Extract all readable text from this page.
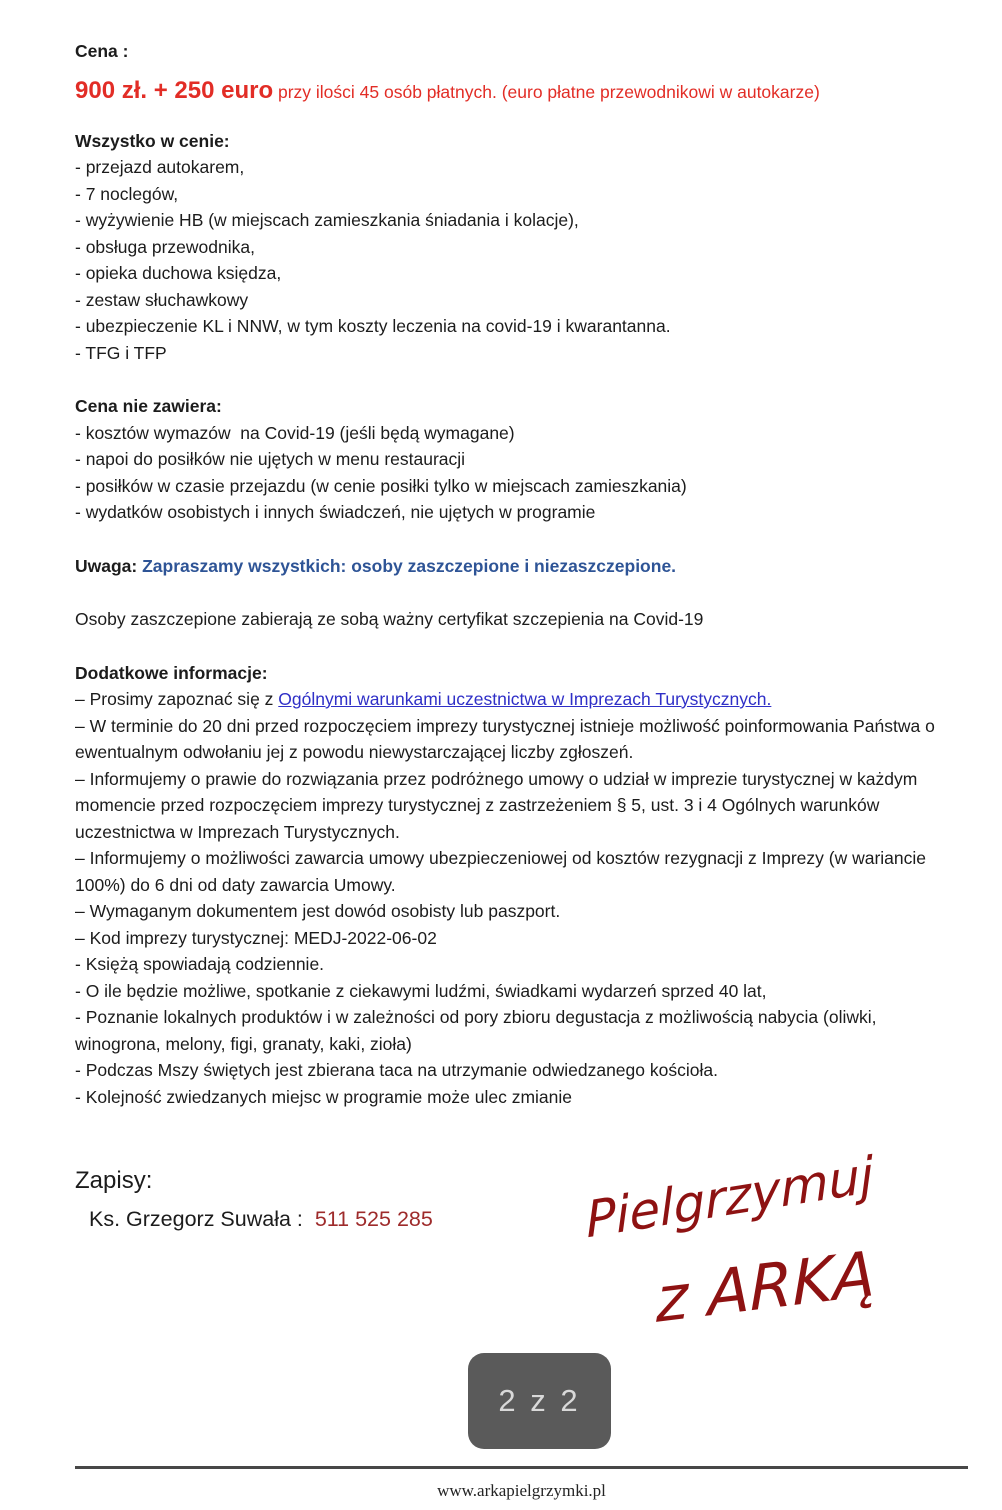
Cena :

900 zł. + 250 euro przy ilości 45 osób płatnych. (euro płatne przewodnikowi w autokarze)

Wszystko w cenie:

- przejazd autokarem,

- 7 noclegów,

- wyżywienie HB (w miejscach zamieszkania śniadania i kolacje),

- obsługa przewodnika,

- opieka duchowa księdza,

- zestaw słuchawkowy

- ubezpieczenie KL i NNW, w tym koszty leczenia na covid-19 i kwarantanna.

- TFG i TFP

Cena nie zawiera:

- kosztów wymazów  na Covid-19 (jeśli będą wymagane)

- napoi do posiłków nie ujętych w menu restauracji

- posiłków w czasie przejazdu (w cenie posiłki tylko w miejscach zamieszkania)

- wydatków osobistych i innych świadczeń, nie ujętych w programie

Uwaga: Zapraszamy wszystkich: osoby zaszczepione i niezaszczepione.

Osoby zaszczepione zabierają ze sobą ważny certyfikat szczepienia na Covid-19

Dodatkowe informacje:

– Prosimy zapoznać się z Ogólnymi warunkami uczestnictwa w Imprezach Turystycznych.

– W terminie do 20 dni przed rozpoczęciem imprezy turystycznej istnieje możliwość poinformowania Państwa o ewentualnym odwołaniu jej z powodu niewystarczającej liczby zgłoszeń.

– Informujemy o prawie do rozwiązania przez podróżnego umowy o udział w imprezie turystycznej w każdym momencie przed rozpoczęciem imprezy turystycznej z zastrzeżeniem § 5, ust. 3 i 4 Ogólnych warunków uczestnictwa w Imprezach Turystycznych.

– Informujemy o możliwości zawarcia umowy ubezpieczeniowej od kosztów rezygnacji z Imprezy (w wariancie 100%) do 6 dni od daty zawarcia Umowy.

– Wymaganym dokumentem jest dowód osobisty lub paszport.

– Kod imprezy turystycznej: MEDJ-2022-06-02

- Księżą spowiadają codziennie.

- O ile będzie możliwe, spotkanie z ciekawymi ludźmi, świadkami wydarzeń sprzed 40 lat,

- Poznanie lokalnych produktów i w zależności od pory zbioru degustacja z możliwością nabycia (oliwki, winogrona, melony, figi, granaty, kaki, zioła)

- Podczas Mszy świętych jest zbierana taca na utrzymanie odwiedzanego kościoła.

- Kolejność zwiedzanych miejsc w programie może ulec zmianie

Zapisy:

Ks. Grzegorz Suwała :  511 525 285	Pielgrzymuj
z ARKĄ
2 z 2
www.arkapielgrzymki.pl
